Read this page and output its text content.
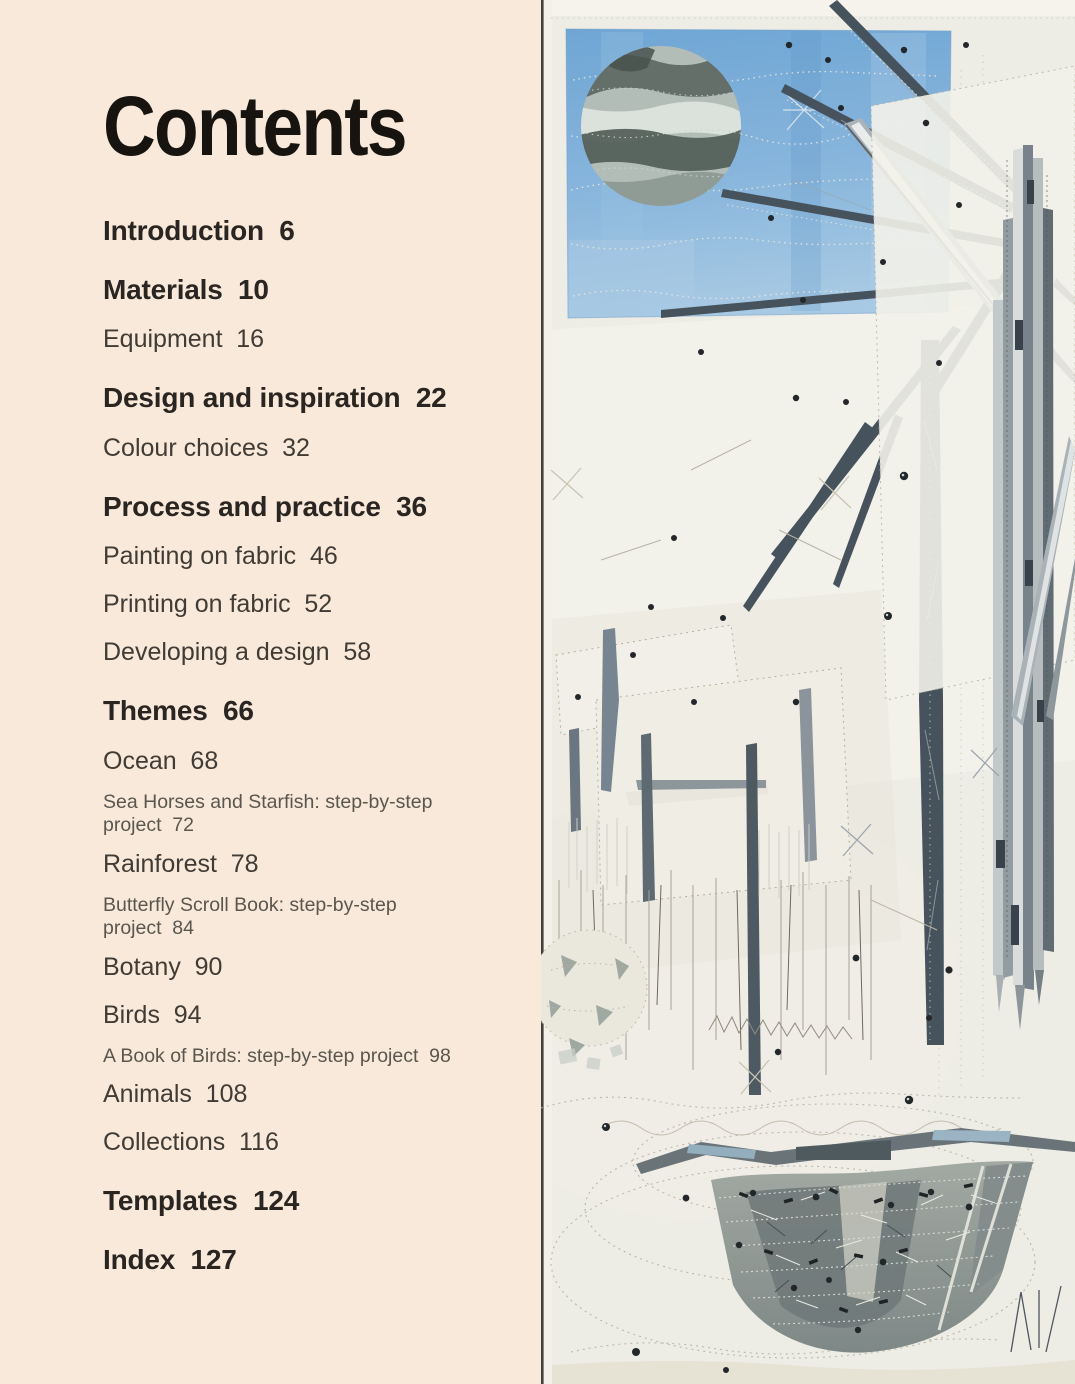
Contents

Introduction 6

Materials 10

Equipment 16

Design and inspiration 22

Colour choices 32

Process and practice 36

Painting on fabric 46

Printing on fabric 52

Developing a design 58

Themes 66

Ocean 68

Sea Horses and Starfish: step-by-step project 72

Rainforest 78

Butterfly Scroll Book: step-by-step project 84

Botany 90

Birds 94

A Book of Birds: step-by-step project 98

Animals 108

Collections 116

Templates 124

Index 127
